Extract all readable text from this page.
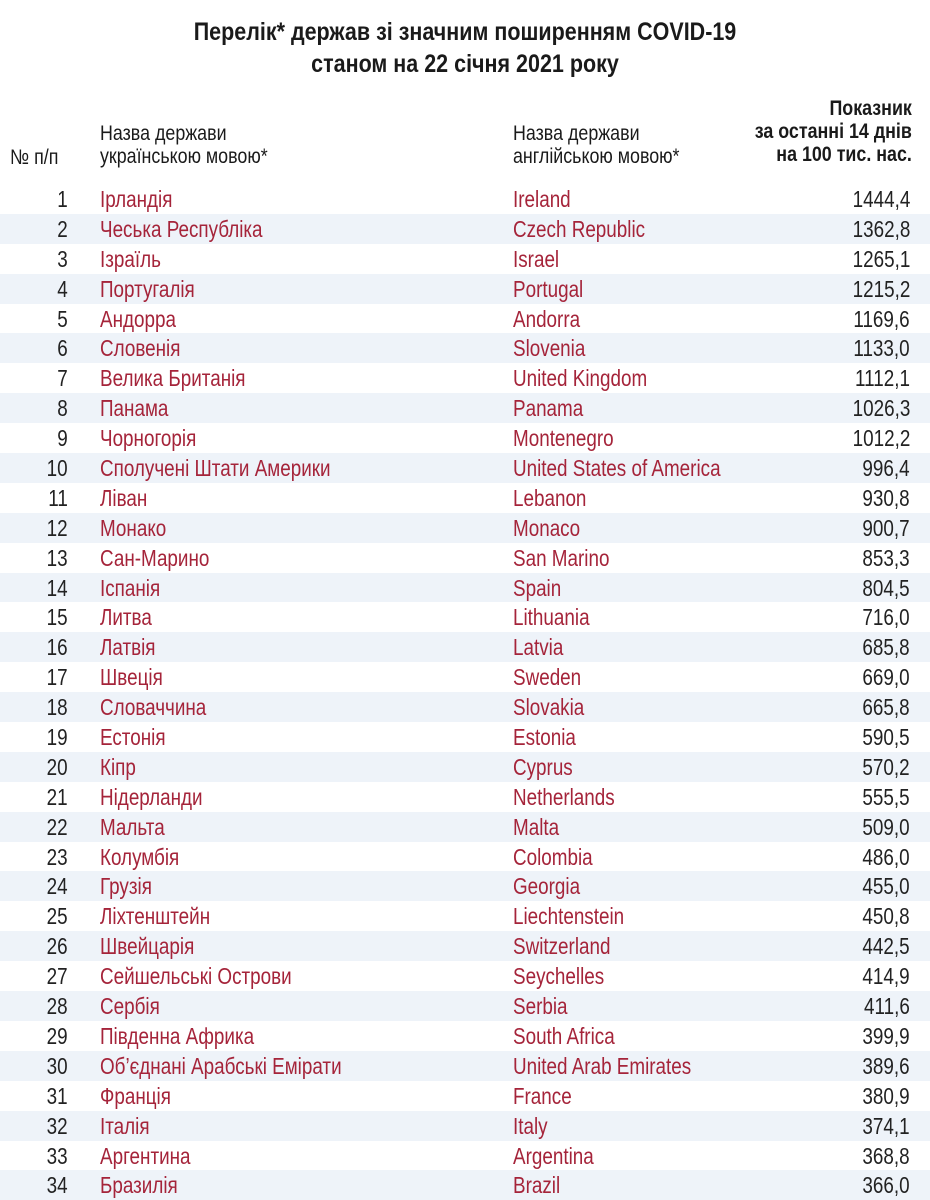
Перелік* держав зі значним поширенням COVID-19
станом на 22 січня 2021 року
№ п/п
Назва держави
українською мовою*
Назва держави
англійською мовою*
Показник
за останні 14 днів
на 100 тис. нас.
1 Ірландія	Ireland	1444,4
2 Чеська Республіка	Czech Republic	1362,8
3 Ізраїль	Israel	1265,1
4 Португалія	Portugal	1215,2
5 Андорра	Andorra	1169,6
6 Словенія	Slovenia	1133,0
7 Велика Британія	United Kingdom	1112,1
8 Панама	Panama	1026,3
9 Чорногорія	Montenegro	1012,2
10 Сполучені Штати Америки	United States of America	996,4
11 Ліван	Lebanon	930,8
12 Монако	Monaco	900,7
13 Сан-Марино	San Marino	853,3
14 Іспанія	Spain	804,5
15 Литва	Lithuania	716,0
16 Латвія	Latvia	685,8
17 Швеція	Sweden	669,0
18 Словаччина	Slovakia	665,8
19 Естонія	Estonia	590,5
20 Кіпр	Cyprus	570,2
21 Нідерланди	Netherlands	555,5
22 Мальта	Malta	509,0
23 Колумбія	Colombia	486,0
24 Грузія	Georgia	455,0
25 Ліхтенштейн	Liechtenstein	450,8
26 Швейцарія	Switzerland	442,5
27 Сейшельські Острови	Seychelles	414,9
28 Сербія	Serbia	411,6
29 Південна Африка	South Africa	399,9
30 Об’єднані Арабські Емірати	United Arab Emirates	389,6
31 Франція	France	380,9
32 Італія	Italy	374,1
33 Аргентина	Argentina	368,8
34 Бразилія	Brazil	366,0
